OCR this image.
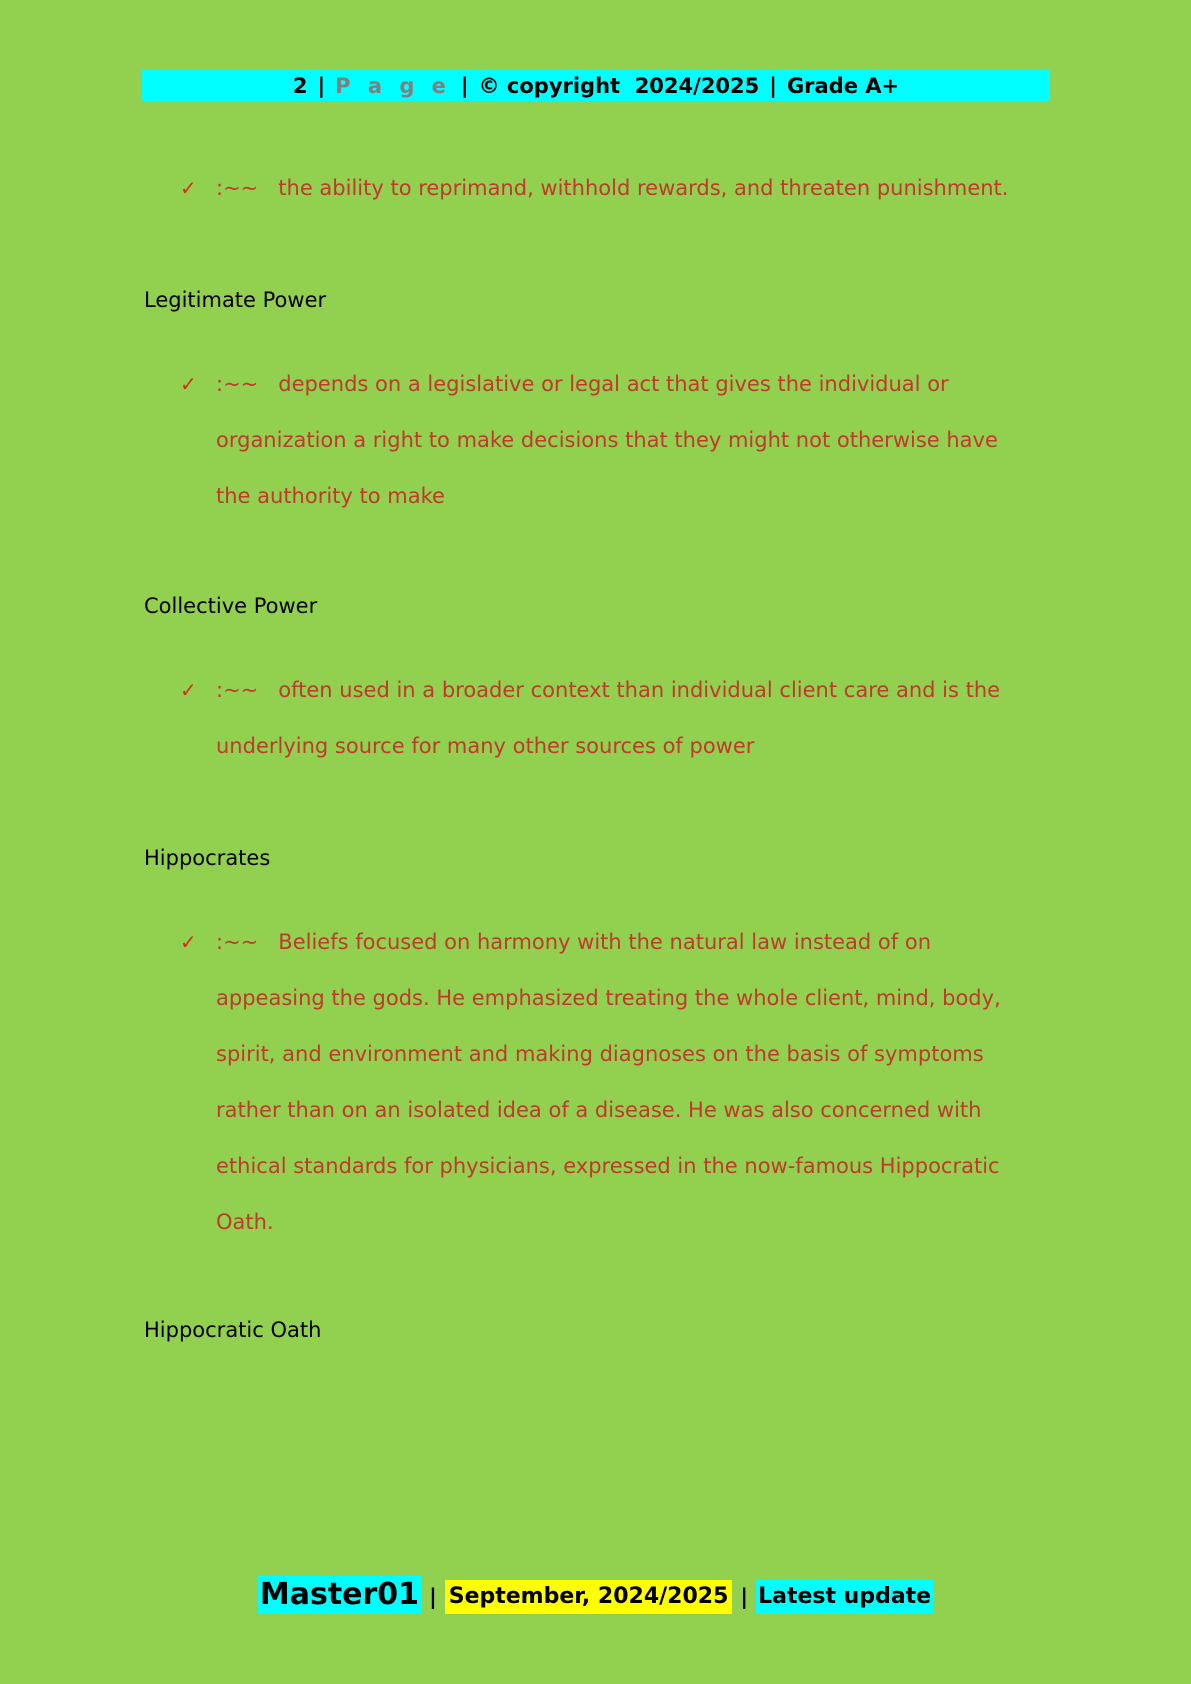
2 | P a g e | © copyright  2024/2025 | Grade A+
✓ :~~ the ability to reprimand, withhold rewards, and threaten punishment.

Legitimate Power

✓ :~~ depends on a legislative or legal act that gives the individual or organization a right to make decisions that they might not otherwise have the authority to make

Collective Power

✓ :~~ often used in a broader context than individual client care and is the underlying source for many other sources of power

Hippocrates

✓ :~~ Beliefs focused on harmony with the natural law instead of on appeasing the gods. He emphasized treating the whole client, mind, body, spirit, and environment and making diagnoses on the basis of symptoms rather than on an isolated idea of a disease. He was also concerned with ethical standards for physicians, expressed in the now-famous Hippocratic Oath.

Hippocratic Oath

Master01 | September, 2024/2025 | Latest update
